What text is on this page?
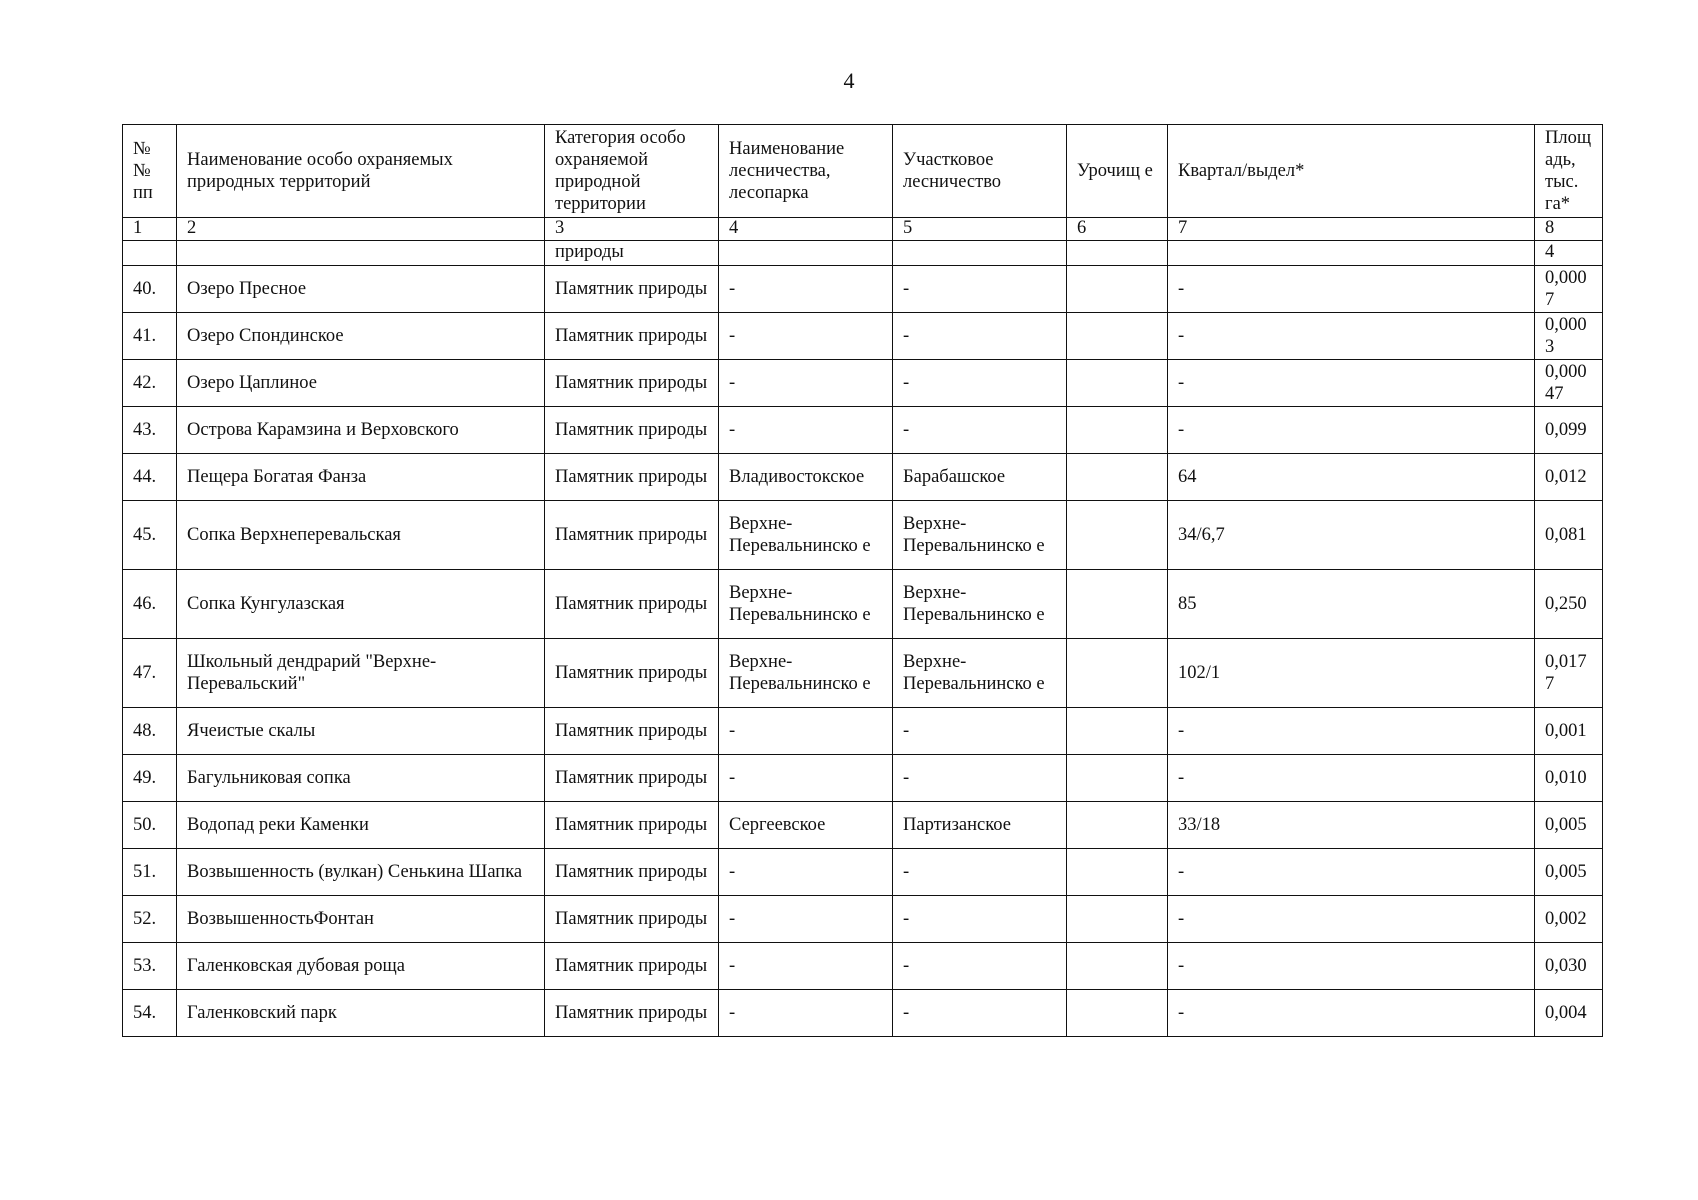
4
№ № пп	Наименование особо охраняемых природных территорий	Категория особо охраняемой природной территории	Наименование лесничества, лесопарка	Участковое лесничество	Урочищ е	Квартал/выдел*	Площ адь, тыс. га*
1	2	3	4	5	6	7	8
		природы					4
40.	Озеро Пресное	Памятник природы	-	-		-	0,000 7
41.	Озеро Спондинское	Памятник природы	-	-		-	0,000 3
42.	Озеро Цаплиное	Памятник природы	-	-		-	0,000 47
43.	Острова Карамзина и Верховского	Памятник природы	-	-		-	0,099
44.	Пещера Богатая Фанза	Памятник природы	Владивостокское	Барабашское		64	0,012
45.	Сопка Верхнеперевальская	Памятник природы	Верхне-Перевальнинско е	Верхне-Перевальнинско е		34/6,7	0,081
46.	Сопка Кунгулазская	Памятник природы	Верхне-Перевальнинско е	Верхне-Перевальнинско е		85	0,250
47.	Школьный дендрарий "Верхне-Перевальский"	Памятник природы	Верхне-Перевальнинско е	Верхне-Перевальнинско е		102/1	0,017 7
48.	Ячеистые скалы	Памятник природы	-	-		-	0,001
49.	Багульниковая сопка	Памятник природы	-	-		-	0,010
50.	Водопад реки Каменки	Памятник природы	Сергеевское	Партизанское		33/18	0,005
51.	Возвышенность (вулкан) Сенькина Шапка	Памятник природы	-	-		-	0,005
52.	ВозвышенностьФонтан	Памятник природы	-	-		-	0,002
53.	Галенковская дубовая роща	Памятник природы	-	-		-	0,030
54.	Галенковский парк	Памятник природы	-	-		-	0,004
